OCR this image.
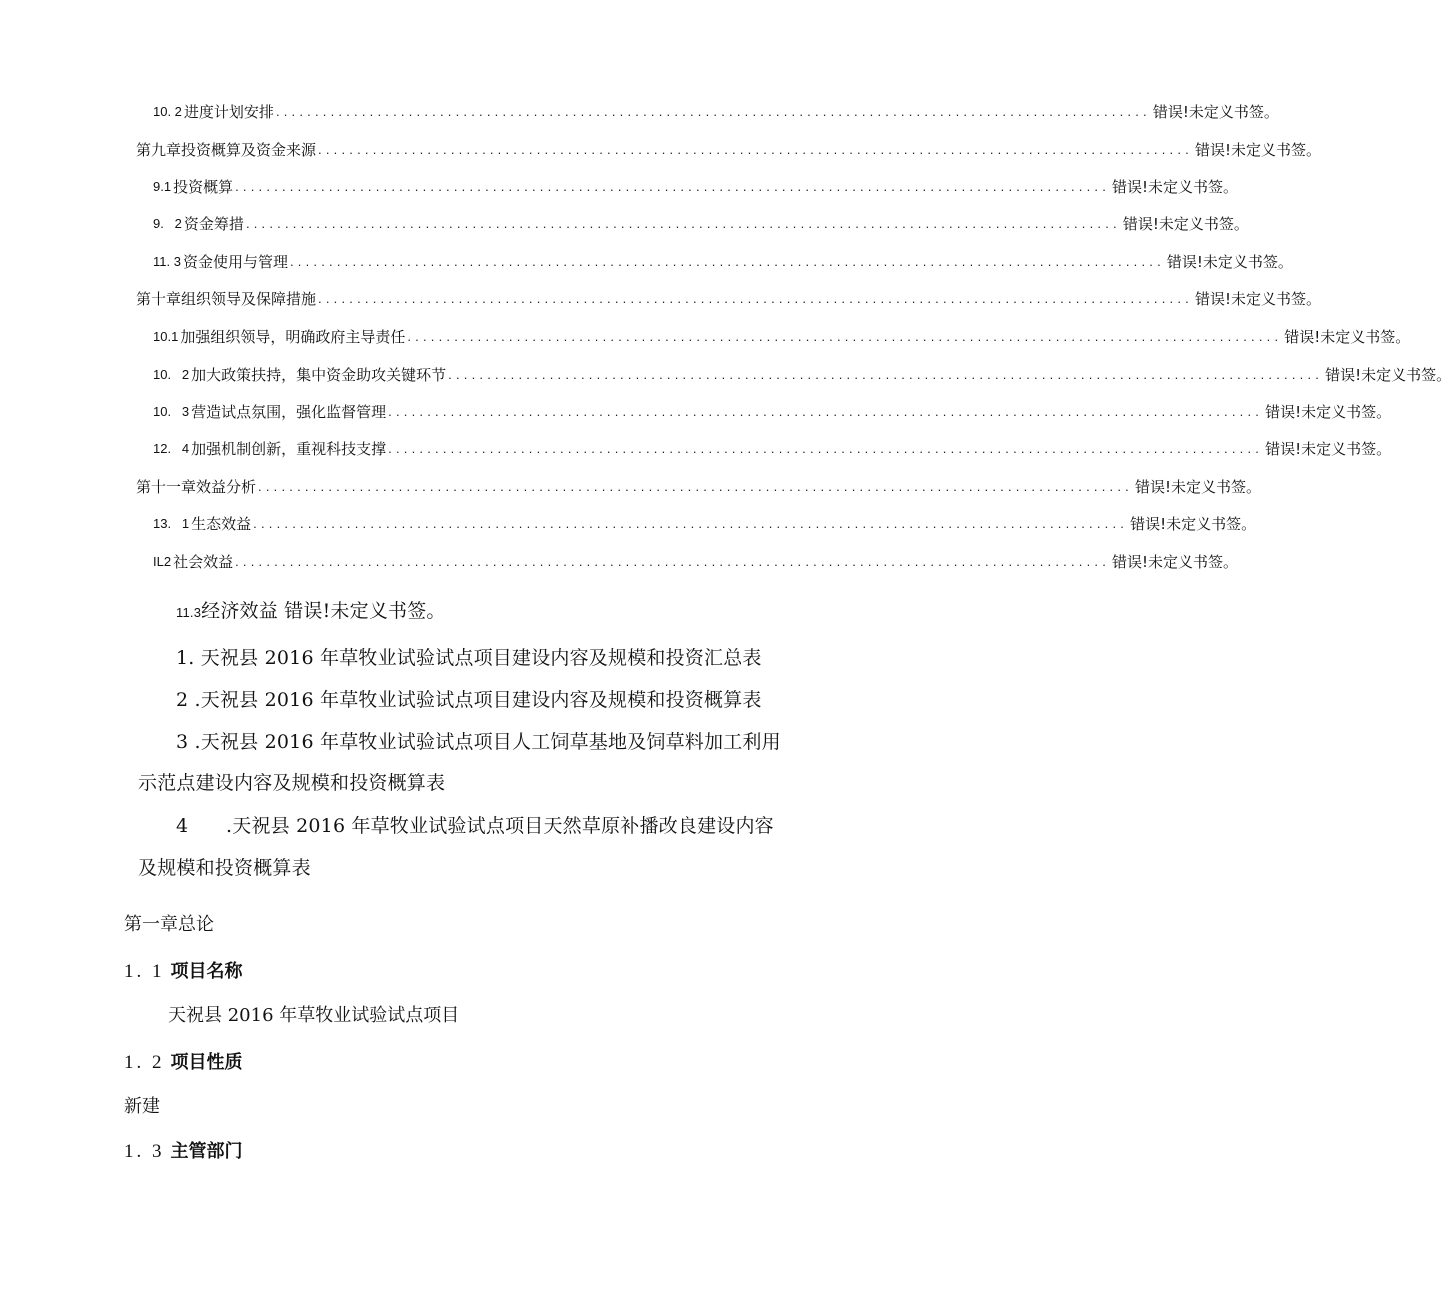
10. 2 进度计划安排 ................................................................................................................ 错误!未定义书签。
第九章投资概算及资金来源 ................................................................................................................ 错误!未定义书签。
9.1 投资概算 ................................................................................................................ 错误!未定义书签。
9.   2 资金筹措 ................................................................................................................ 错误!未定义书签。
11. 3 资金使用与管理 ................................................................................................................ 错误!未定义书签。
第十章组织领导及保障措施 ................................................................................................................ 错误!未定义书签。
10.1 加强组织领导，明确政府主导责任 ................................................................................................................ 错误!未定义书签。
10.   2 加大政策扶持，集中资金助攻关键环节 ................................................................................................................ 错误!未定义书签。
10.   3 营造试点氛围，强化监督管理 ................................................................................................................ 错误!未定义书签。
12.   4 加强机制创新，重视科技支撑 ................................................................................................................ 错误!未定义书签。
第十一章效益分析 ................................................................................................................ 错误!未定义书签。
13.   1 生态效益 ................................................................................................................ 错误!未定义书签。
IL2 社会效益 ................................................................................................................ 错误!未定义书签。
11.3经济效益 错误!未定义书签。
1. 天祝县 2016 年草牧业试验试点项目建设内容及规模和投资汇总表
2 .天祝县 2016 年草牧业试验试点项目建设内容及规模和投资概算表
3 .天祝县 2016 年草牧业试验试点项目人工饲草基地及饲草料加工利用
示范点建设内容及规模和投资概算表
4 .天祝县 2016 年草牧业试验试点项目天然草原补播改良建设内容
及规模和投资概算表
第一章总论
1. 1 项目名称
天祝县 2016 年草牧业试验试点项目
1. 2 项目性质
新建
1. 3 主管部门
